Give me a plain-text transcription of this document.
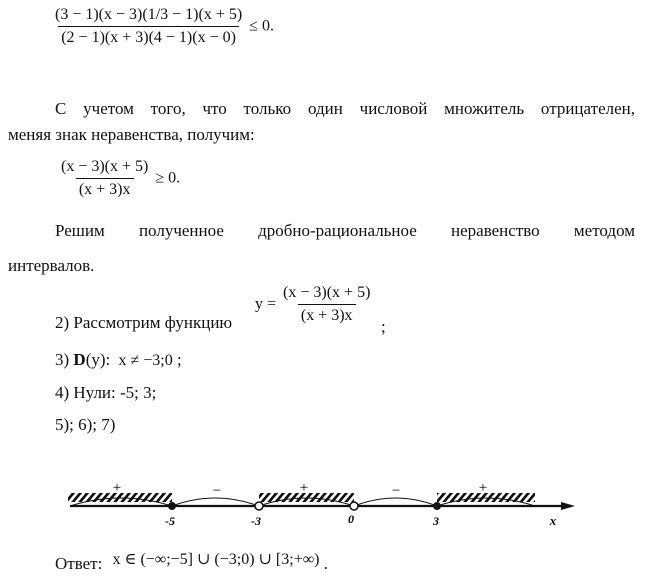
$\frac{(3 - 1)(x - 3)(1/3 - 1)(x + 5)}{(2 - 1)(x + 3)(4 - 1)(x - 0)} \le 0$.
С учетом того, что только один числовой множитель отрицателен,
меняя знак неравенства, получим:
$\frac{(x - 3)(x + 5)}{(x + 3)x} \ge 0$.
Решим полученное дробно-рациональное неравенство методом
интервалов.
2) Рассмотрим функцию
$y = \frac{(x - 3)(x + 5)}{(x + 3)x}$
;
3) D(y): x ≠ −3;0 ;
4) Нули: -5; 3;
5); 6); 7)
+	−	+	−	+
-5	-3	0	3	x
Ответ: x ∈ (−∞;−5] ∪ (−3;0) ∪ [3;+∞) .
